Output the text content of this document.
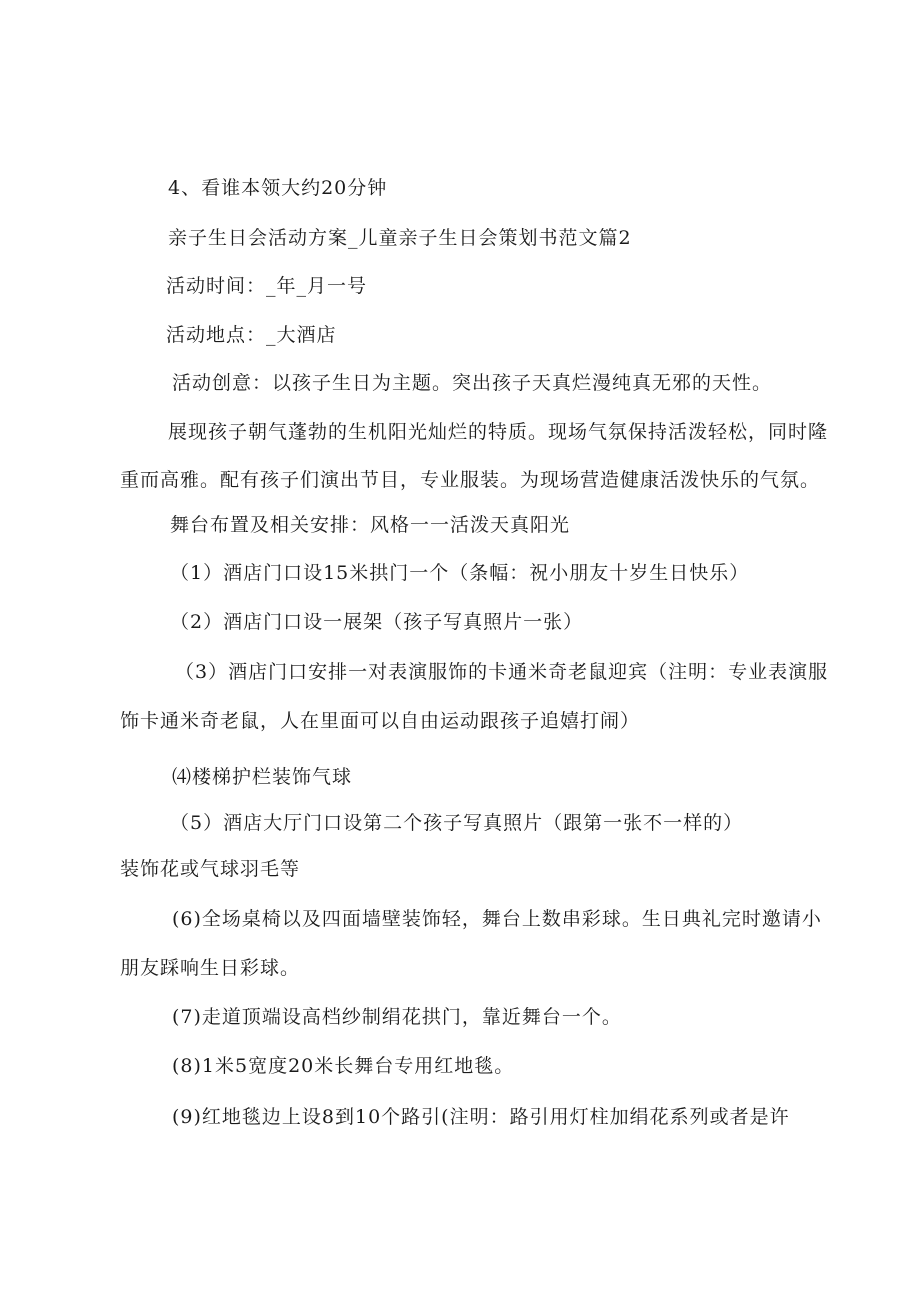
4、看谁本领大约20分钟
亲子生日会活动方案_儿童亲子生日会策划书范文篇2
活动时间：_年_月一号
活动地点：_大酒店
活动创意：以孩子生日为主题。突出孩子天真烂漫纯真无邪的天性。
展现孩子朝气蓬勃的生机阳光灿烂的特质。现场气氛保持活泼轻松，同时隆
重而高雅。配有孩子们演出节目，专业服装。为现场营造健康活泼快乐的气氛。
舞台布置及相关安排：风格一一活泼天真阳光
（1）酒店门口设15米拱门一个（条幅：祝小朋友十岁生日快乐）
（2）酒店门口设一展架（孩子写真照片一张）
（3）酒店门口安排一对表演服饰的卡通米奇老鼠迎宾（注明：专业表演服
饰卡通米奇老鼠，人在里面可以自由运动跟孩子追嬉打闹）
⑷楼梯护栏装饰气球
（5）酒店大厅门口设第二个孩子写真照片（跟第一张不一样的）
装饰花或气球羽毛等
(6)全场桌椅以及四面墙壁装饰轻，舞台上数串彩球。生日典礼完时邀请小
朋友踩响生日彩球。
(7)走道顶端设高档纱制绢花拱门，靠近舞台一个。
(8)1米5宽度20米长舞台专用红地毯。
(9)红地毯边上设8到10个路引(注明：路引用灯柱加绢花系列或者是许
